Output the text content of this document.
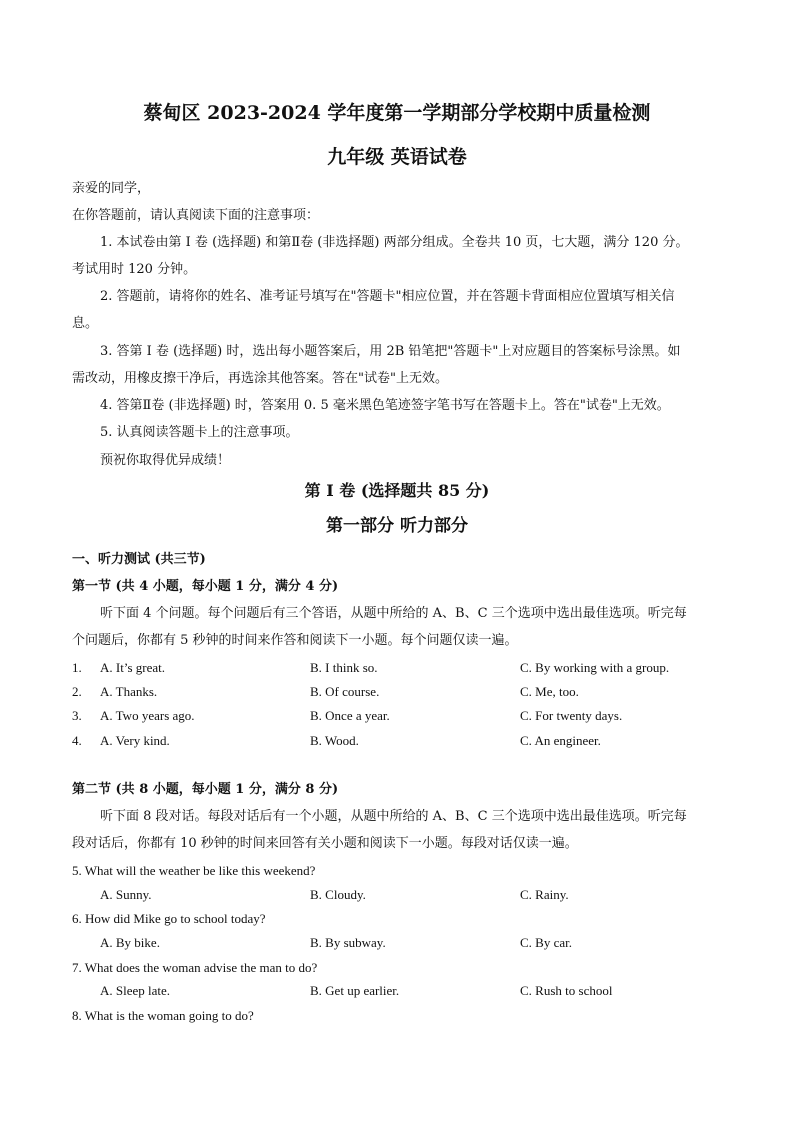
蔡甸区 2023-2024 学年度第一学期部分学校期中质量检测
九年级 英语试卷
亲爱的同学，
在你答题前，请认真阅读下面的注意事项：
1. 本试卷由第 I 卷 (选择题) 和第Ⅱ卷 (非选择题) 两部分组成。全卷共 10 页，七大题，满分 120 分。
考试用时 120 分钟。
2. 答题前，请将你的姓名、准考证号填写在"答题卡"相应位置，并在答题卡背面相应位置填写相关信
息。
3. 答第 I 卷 (选择题) 时，选出每小题答案后，用 2B 铅笔把"答题卡"上对应题目的答案标号涂黑。如
需改动，用橡皮擦干净后，再选涂其他答案。答在"试卷"上无效。
4. 答第Ⅱ卷 (非选择题) 时，答案用 0. 5 毫米黑色笔迹签字笔书写在答题卡上。答在"试卷"上无效。
5. 认真阅读答题卡上的注意事项。
预祝你取得优异成绩！
第 I 卷 (选择题共 85 分)
第一部分 听力部分
一、听力测试 (共三节)
第一节 (共 4 小题，每小题 1 分，满分 4 分)
听下面 4 个问题。每个问题后有三个答语，从题中所给的 A、B、C 三个选项中选出最佳选项。听完每
个问题后，你都有 5 秒钟的时间来作答和阅读下一小题。每个问题仅读一遍。
1. A. It’s great.	B. I think so.	C. By working with a group.
2. A. Thanks.	B. Of course.	C. Me, too.
3. A. Two years ago.	B. Once a year.	C. For twenty days.
4. A. Very kind.	B. Wood.	C. An engineer.
第二节 (共 8 小题，每小题 1 分，满分 8 分)
听下面 8 段对话。每段对话后有一个小题，从题中所给的 A、B、C 三个选项中选出最佳选项。听完每
段对话后，你都有 10 秒钟的时间来回答有关小题和阅读下一小题。每段对话仅读一遍。
5. What will the weather be like this weekend?
A. Sunny.	B. Cloudy.	C. Rainy.
6. How did Mike go to school today?
A. By bike.	B. By subway.	C. By car.
7. What does the woman advise the man to do?
A. Sleep late.	B. Get up earlier.	C. Rush to school
8. What is the woman going to do?
